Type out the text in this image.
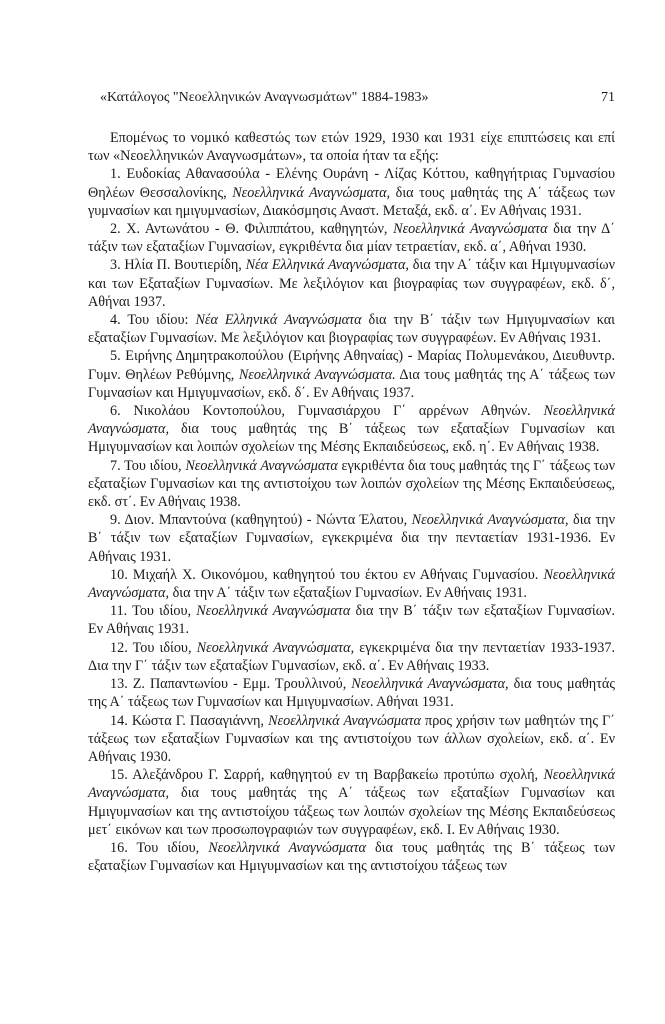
«Κατάλογος "Νεοελληνικών Αναγνωσμάτων" 1884-1983»	71

Επομένως το νομικό καθεστώς των ετών 1929, 1930 και 1931 είχε επιπτώσεις και επί των «Νεοελληνικών Αναγνωσμάτων», τα οποία ήταν τα εξής:

1. Ευδοκίας Αθανασούλα - Ελένης Ουράνη - Λίζας Κόττου, καθηγήτριας Γυμνασίου Θηλέων Θεσσαλονίκης, Νεοελληνικά Αναγνώσματα, δια τους μαθητάς της Α΄ τάξεως των γυμνασίων και ημιγυμνασίων, Διακόσμησις Αναστ. Μεταξά, εκδ. α΄. Εν Αθήναις 1931.

2. Χ. Αντωνάτου - Θ. Φιλιππάτου, καθηγητών, Νεοελληνικά Αναγνώσματα δια την Δ΄ τάξιν των εξαταξίων Γυμνασίων, εγκριθέντα δια μίαν τετραετίαν, εκδ. α΄, Αθήναι 1930.

3. Ηλία Π. Βουτιερίδη, Νέα Ελληνικά Αναγνώσματα, δια την Α΄ τάξιν και Ημιγυμνασίων και των Εξαταξίων Γυμνασίων. Με λεξιλόγιον και βιογραφίας των συγγραφέων, εκδ. δ΄, Αθήναι 1937.

4. Του ιδίου: Νέα Ελληνικά Αναγνώσματα δια την Β΄ τάξιν των Ημιγυμνασίων και εξαταξίων Γυμνασίων. Με λεξιλόγιον και βιογραφίας των συγγραφέων. Εν Αθήναις 1931.

5. Ειρήνης Δημητρακοπούλου (Ειρήνης Αθηναίας) - Μαρίας Πολυμενάκου, Διευθυντρ. Γυμν. Θηλέων Ρεθύμνης, Νεοελληνικά Αναγνώσματα. Δια τους μαθητάς της Α΄ τάξεως των Γυμνασίων και Ημιγυμνασίων, εκδ. δ΄. Εν Αθήναις 1937.

6. Νικολάου Κοντοπούλου, Γυμνασιάρχου Γ΄ αρρένων Αθηνών. Νεοελληνικά Αναγνώσματα, δια τους μαθητάς της Β΄ τάξεως των εξαταξίων Γυμνασίων και Ημιγυμνασίων και λοιπών σχολείων της Μέσης Εκπαιδεύσεως, εκδ. η΄. Εν Αθήναις 1938.

7. Του ιδίου, Νεοελληνικά Αναγνώσματα εγκριθέντα δια τους μαθητάς της Γ΄ τάξεως των εξαταξίων Γυμνασίων και της αντιστοίχου των λοιπών σχολείων της Μέσης Εκπαιδεύσεως, εκδ. στ΄. Εν Αθήναις 1938.

9. Διον. Μπαντούνα (καθηγητού) - Νώντα Έλατου, Νεοελληνικά Αναγνώσματα, δια την Β΄ τάξιν των εξαταξίων Γυμνασίων, εγκεκριμένα δια την πενταετίαν 1931-1936. Εν Αθήναις 1931.

10. Μιχαήλ Χ. Οικονόμου, καθηγητού του έκτου εν Αθήναις Γυμνασίου. Νεοελληνικά Αναγνώσματα, δια την Α΄ τάξιν των εξαταξίων Γυμνασίων. Εν Αθήναις 1931.

11. Του ιδίου, Νεοελληνικά Αναγνώσματα δια την Β΄ τάξιν των εξαταξίων Γυμνασίων. Εν Αθήναις 1931.

12. Του ιδίου, Νεοελληνικά Αναγνώσματα, εγκεκριμένα δια την πενταετίαν 1933-1937. Δια την Γ΄ τάξιν των εξαταξίων Γυμνασίων, εκδ. α΄. Εν Αθήναις 1933.

13. Ζ. Παπαντωνίου - Εμμ. Τρουλλινού, Νεοελληνικά Αναγνώσματα, δια τους μαθητάς της Α΄ τάξεως των Γυμνασίων και Ημιγυμνασίων. Αθήναι 1931.

14. Κώστα Γ. Πασαγιάννη, Νεοελληνικά Αναγνώσματα προς χρήσιν των μαθητών της Γ΄ τάξεως των εξαταξίων Γυμνασίων και της αντιστοίχου των άλλων σχολείων, εκδ. α΄. Εν Αθήναις 1930.

15. Αλεξάνδρου Γ. Σαρρή, καθηγητού εν τη Βαρβακείω προτύπω σχολή, Νεοελληνικά Αναγνώσματα, δια τους μαθητάς της Α΄ τάξεως των εξαταξίων Γυμνασίων και Ημιγυμνασίων και της αντιστοίχου τάξεως των λοιπών σχολείων της Μέσης Εκπαιδεύσεως μετ΄ εικόνων και των προσωπογραφιών των συγγραφέων, εκδ. Ι. Εν Αθήναις 1930.

16. Του ιδίου, Νεοελληνικά Αναγνώσματα δια τους μαθητάς της Β΄ τάξεως των εξαταξίων Γυμνασίων και Ημιγυμνασίων και της αντιστοίχου τάξεως των
